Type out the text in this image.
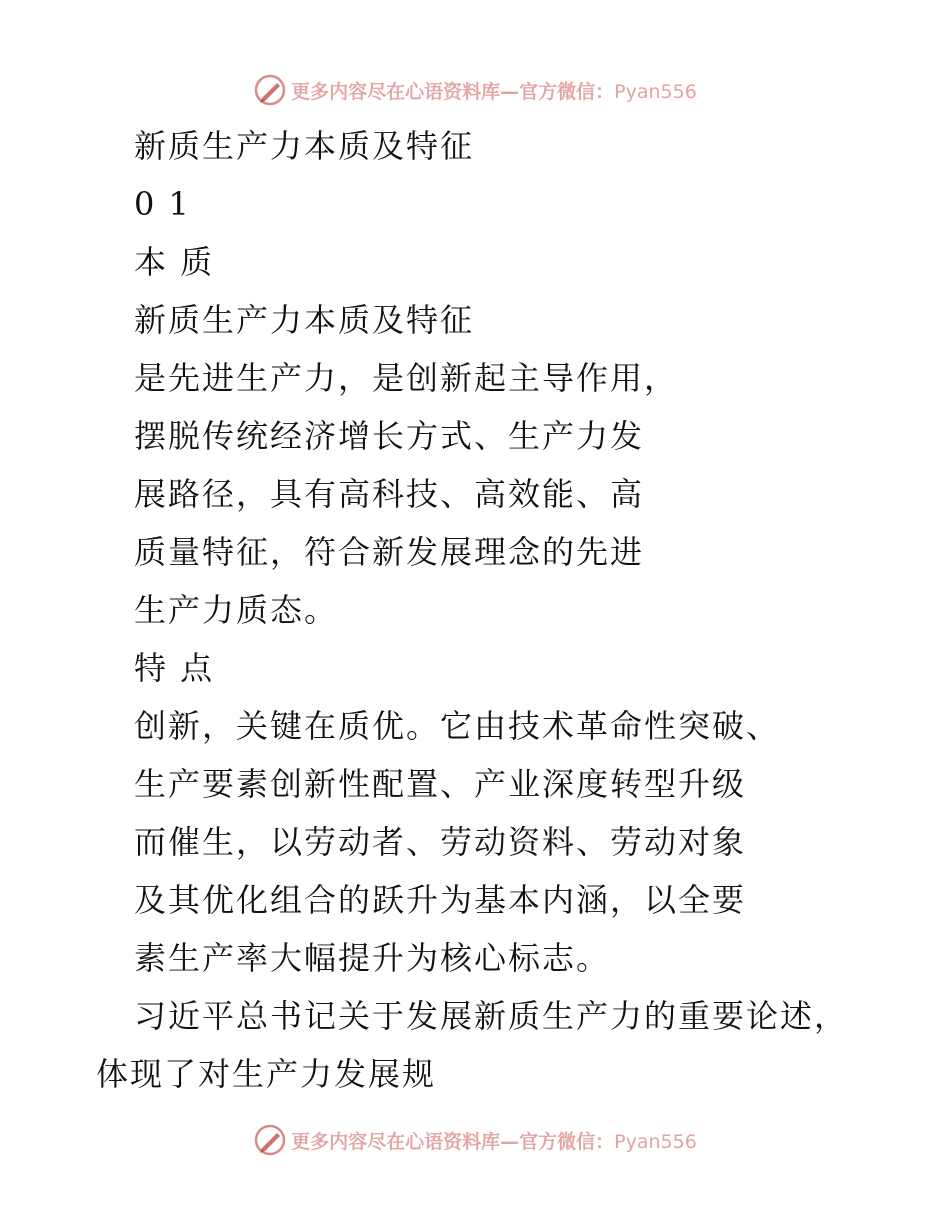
更多内容尽在心语资料库—官方微信：Pyan556
新质生产力本质及特征
0 1
本 质
新质生产力本质及特征
是先进生产力，是创新起主导作用，
摆脱传统经济增长方式、生产力发
展路径，具有高科技、高效能、高
质量特征，符合新发展理念的先进
生产力质态。
特 点
创新，关键在质优。它由技术革命性突破、
生产要素创新性配置、产业深度转型升级
而催生，以劳动者、劳动资料、劳动对象
及其优化组合的跃升为基本内涵，以全要
素生产率大幅提升为核心标志。
习近平总书记关于发展新质生产力的重要论述，
体现了对生产力发展规
更多内容尽在心语资料库—官方微信：Pyan556
